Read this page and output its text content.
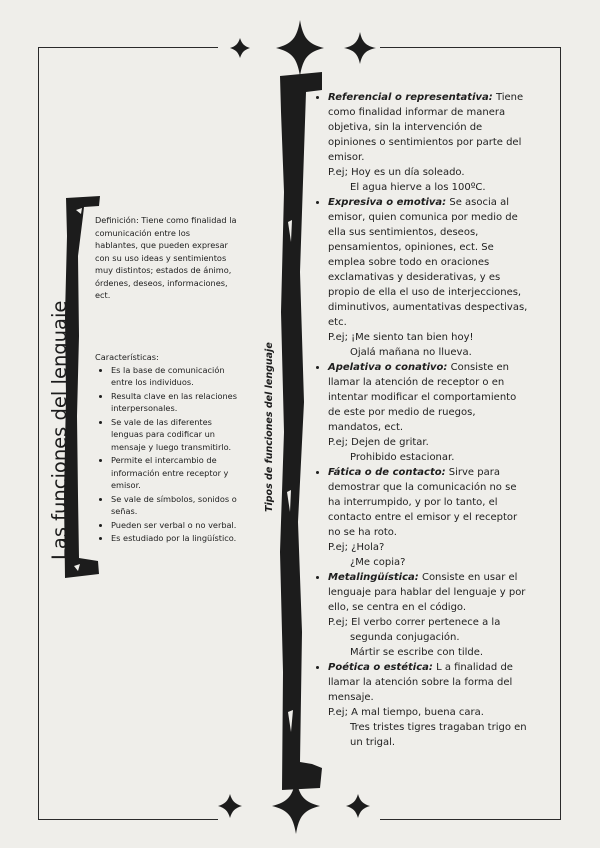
Las funciones del lenguaje	Tipos de funciones del lenguaje
Definición: Tiene como finalidad la
comunicación entre los
hablantes, que pueden expresar
con su uso ideas y sentimientos
muy distintos; estados de ánimo,
órdenes, deseos, informaciones,
ect.
Características:
• Es la base de comunicación
entre los individuos.
• Resulta clave en las relaciones
interpersonales.
• Se vale de las diferentes
lenguas para codificar un
mensaje y luego transmitirlo.
• Permite el intercambio de
información entre receptor y
emisor.
• Se vale de símbolos, sonidos o
señas.
• Pueden ser verbal o no verbal.
• Es estudiado por la lingüístico.
• Referencial o representativa: Tiene
como finalidad informar de manera
objetiva, sin la intervención de
opiniones o sentimientos por parte del
emisor.
P.ej; Hoy es un día soleado.
El agua hierve a los 100ºC.
• Expresiva o emotiva: Se asocia al
emisor, quien comunica por medio de
ella sus sentimientos, deseos,
pensamientos, opiniones, ect. Se
emplea sobre todo en oraciones
exclamativas y desiderativas, y es
propio de ella el uso de interjecciones,
diminutivos, aumentativas despectivas,
etc.
P.ej; ¡Me siento tan bien hoy!
Ojalá mañana no llueva.
• Apelativa o conativo: Consiste en
llamar la atención de receptor o en
intentar modificar el comportamiento
de este por medio de ruegos,
mandatos, ect.
P.ej; Dejen de gritar.
Prohibido estacionar.
• Fática o de contacto: Sirve para
demostrar que la comunicación no se
ha interrumpido, y por lo tanto, el
contacto entre el emisor y el receptor
no se ha roto.
P.ej; ¿Hola?
¿Me copia?
• Metalingüística: Consiste en usar el
lenguaje para hablar del lenguaje y por
ello, se centra en el código.
P.ej; El verbo correr pertenece a la
segunda conjugación.
Mártir se escribe con tilde.
• Poética o estética: L a finalidad de
llamar la atención sobre la forma del
mensaje.
P.ej; A mal tiempo, buena cara.
Tres tristes tigres tragaban trigo en
un trigal.
